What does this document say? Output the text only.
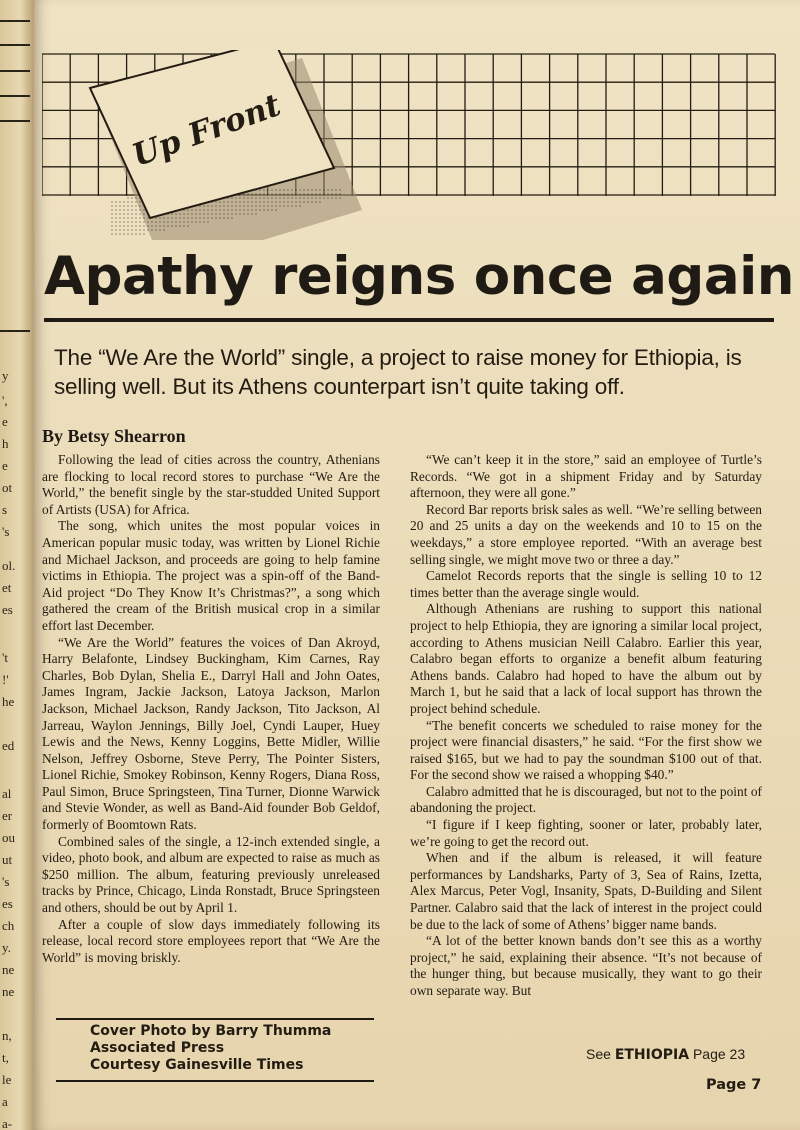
y
',
e
h
e
ot
s
's
ol.
et
es
't
!'
he
ed
al
er
ou
ut
's
es
ch
y.
ne
ne
n,
t,
le
a
a-
Up Front
Apathy reigns once again
The “We Are the World” single, a project to raise money for Ethiopia, is selling well. But its Athens counterpart isn’t quite taking off.
By Betsy Shearron

Following the lead of cities across the country, Athenians are flocking to local record stores to purchase “We Are the World,” the benefit single by the star-studded United Support of Artists (USA) for Africa.

The song, which unites the most popular voices in American popular music today, was written by Lionel Richie and Michael Jackson, and proceeds are going to help famine victims in Ethiopia. The project was a spin-off of the Band-Aid project “Do They Know It’s Christmas?”, a song which gathered the cream of the British musical crop in a similar effort last December.

“We Are the World” features the voices of Dan Akroyd, Harry Belafonte, Lindsey Buckingham, Kim Carnes, Ray Charles, Bob Dylan, Shelia E., Darryl Hall and John Oates, James Ingram, Jackie Jackson, Latoya Jackson, Marlon Jackson, Michael Jackson, Randy Jackson, Tito Jackson, Al Jarreau, Waylon Jennings, Billy Joel, Cyndi Lauper, Huey Lewis and the News, Kenny Loggins, Bette Midler, Willie Nelson, Jeffrey Osborne, Steve Perry, The Pointer Sisters, Lionel Richie, Smokey Robinson, Kenny Rogers, Diana Ross, Paul Simon, Bruce Springsteen, Tina Turner, Dionne Warwick and Stevie Wonder, as well as Band-Aid founder Bob Geldof, formerly of Boomtown Rats.

Combined sales of the single, a 12-inch extended single, a video, photo book, and album are expected to raise as much as $250 million. The album, featuring previously unreleased tracks by Prince, Chicago, Linda Ronstadt, Bruce Springsteen and others, should be out by April 1.

After a couple of slow days immediately following its release, local record store employees report that “We Are the World” is moving briskly.

“We can’t keep it in the store,” said an employee of Turtle’s Records. “We got in a shipment Friday and by Saturday afternoon, they were all gone.”

Record Bar reports brisk sales as well. “We’re selling between 20 and 25 units a day on the weekends and 10 to 15 on the weekdays,” a store employee reported. “With an average best selling single, we might move two or three a day.”

Camelot Records reports that the single is selling 10 to 12 times better than the average single would.

Although Athenians are rushing to support this national project to help Ethiopia, they are ignoring a similar local project, according to Athens musician Neill Calabro. Earlier this year, Calabro began efforts to organize a benefit album featuring Athens bands. Calabro had hoped to have the album out by March 1, but he said that a lack of local support has thrown the project behind schedule.

“The benefit concerts we scheduled to raise money for the project were financial disasters,” he said. “For the first show we raised $165, but we had to pay the soundman $100 out of that. For the second show we raised a whopping $40.”

Calabro admitted that he is discouraged, but not to the point of abandoning the project.

“I figure if I keep fighting, sooner or later, probably later, we’re going to get the record out.

When and if the album is released, it will feature performances by Landsharks, Party of 3, Sea of Rains, Izetta, Alex Marcus, Peter Vogl, Insanity, Spats, D-Building and Silent Partner. Calabro said that the lack of interest in the project could be due to the lack of some of Athens’ bigger name bands.

“A lot of the better known bands don’t see this as a worthy project,” he said, explaining their absence. “It’s not because of the hunger thing, but because musically, they want to go their own separate way. But

Cover Photo by Barry Thumma
Associated Press
Courtesy Gainesville Times
See ETHIOPIA Page 23
Page 7
